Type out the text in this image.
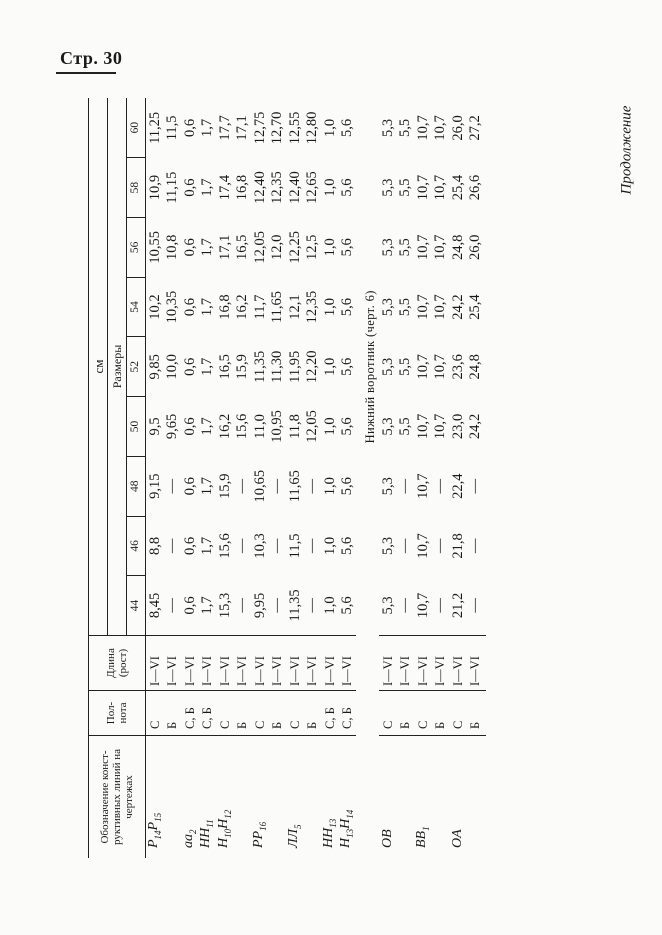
Стр. 30
Продолжение
Обозначение конст-руктивных линий на чертежах	Пол-нота	Длина (рост)	см								
			Размеры								
			44	46	48	50	52	54	56	58	60
$P_{14}P_{15}$	С	I—VI	8,45	8,8	9,15	9,5	9,85	10,2	10,55	10,9	11,25
	Б	I—VI	—	—	—	9,65	10,0	10,35	10,8	11,15	11,5
$aa_2$	С, Б	I—VI	0,6	0,6	0,6	0,6	0,6	0,6	0,6	0,6	0,6
$HH_{11}$	С, Б	I—VI	1,7	1,7	1,7	1,7	1,7	1,7	1,7	1,7	1,7
$H_{10}H_{12}$	С	I—VI	15,3	15,6	15,9	16,2	16,5	16,8	17,1	17,4	17,7
	Б	I—VI	—	—	—	15,6	15,9	16,2	16,5	16,8	17,1
$PP_{16}$	С	I—VI	9,95	10,3	10,65	11,0	11,35	11,7	12,05	12,40	12,75
	Б	I—VI	—	—	—	10,95	11,30	11,65	12,0	12,35	12,70
$ЛЛ_5$	С	I—VI	11,35	11,5	11,65	11,8	11,95	12,1	12,25	12,40	12,55
	Б	I—VI	—	—	—	12,05	12,20	12,35	12,5	12,65	12,80
$HH_{13}$	С, Б	I—VI	1,0	1,0	1,0	1,0	1,0	1,0	1,0	1,0	1,0
$H_{13}H_{14}$	С, Б	I—VI	5,6	5,6	5,6	5,6	5,6	5,6	5,6	5,6	5,6

			Нижний воротник (черт. 6)								
OB	С	I—VI	5,3	5,3	5,3	5,3	5,3	5,3	5,3	5,3	5,3
	Б	I—VI	—	—	—	5,5	5,5	5,5	5,5	5,5	5,5
$BB_1$	С	I—VI	10,7	10,7	10,7	10,7	10,7	10,7	10,7	10,7	10,7
	Б	I—VI	—	—	—	10,7	10,7	10,7	10,7	10,7	10,7
OA	С	I—VI	21,2	21,8	22,4	23,0	23,6	24,2	24,8	25,4	26,0
	Б	I—VI	—	—	—	24,2	24,8	25,4	26,0	26,6	27,2
